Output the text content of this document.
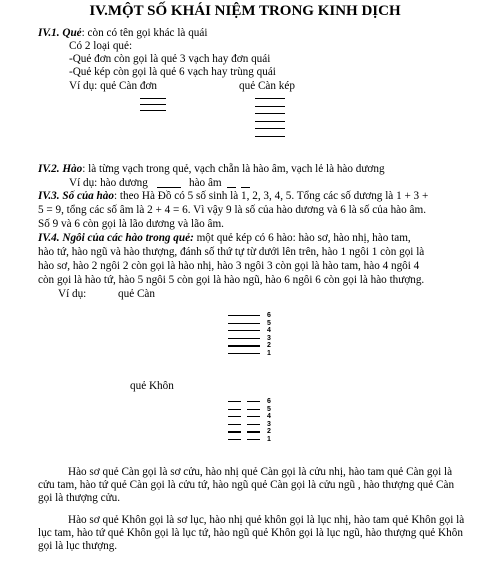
IV.MỘT SỐ KHÁI NIỆM TRONG KINH DỊCH
IV.1. Quẻ: còn có tên gọi khác là quái
Có 2 loại quẻ:
-Quẻ đơn còn gọi là quẻ 3 vạch hay đơn quái
-Quẻ kép còn gọi là quẻ 6 vạch hay trùng quái
Ví dụ: quẻ Càn đơn	quẻ Càn kép
IV.2. Hào: là từng vạch trong quẻ, vạch chẵn là hào âm, vạch lẻ là hào dương
Ví dụ: hào dương	hào âm
IV.3. Số của hào: theo Hà Đồ có 5 số sinh là 1, 2, 3, 4, 5. Tổng các số dương là 1 + 3 +
5 = 9, tổng các số âm là 2 + 4 = 6. Vì vậy 9 là số của hào dương và 6 là số của hào âm.
Số 9 và 6 còn gọi là lão dương và lão âm.
IV.4. Ngôi của các hào trong quẻ: một quẻ kép có 6 hào: hào sơ, hào nhị, hào tam,
hào tứ, hào ngũ và hào thượng, đánh số thứ tự từ dưới lên trên, hào 1 ngôi 1 còn gọi là
hào sơ, hào 2 ngôi 2 còn gọi là hào nhị, hào 3 ngôi 3 còn gọi là hào tam, hào 4 ngôi 4
còn gọi là hào tứ, hào 5 ngôi 5 còn gọi là hào ngũ, hào 6 ngôi 6 còn gọi là hào thượng.
Ví dụ:	quẻ Càn
6
5
4
3
2
1
quẻ Khôn
6
5
4
3
2
1
Hào sơ quẻ Càn gọi là sơ cửu, hào nhị quẻ Càn gọi là cửu nhị, hào tam quẻ Càn gọi là cửu tam, hào tứ quẻ Càn gọi là cửu tứ, hào ngũ quẻ Càn gọi là cửu ngũ , hào thượng quẻ Càn gọi là thượng cửu.
Hào sơ quẻ Khôn gọi là sơ lục, hào nhị quẻ khôn gọi là lục nhị, hào tam quẻ Khôn gọi là lục tam, hào tứ quẻ Khôn gọi là lục tứ, hào ngũ quẻ Khôn gọi là lục ngũ, hào thượng quẻ Khôn gọi là lục thượng.
